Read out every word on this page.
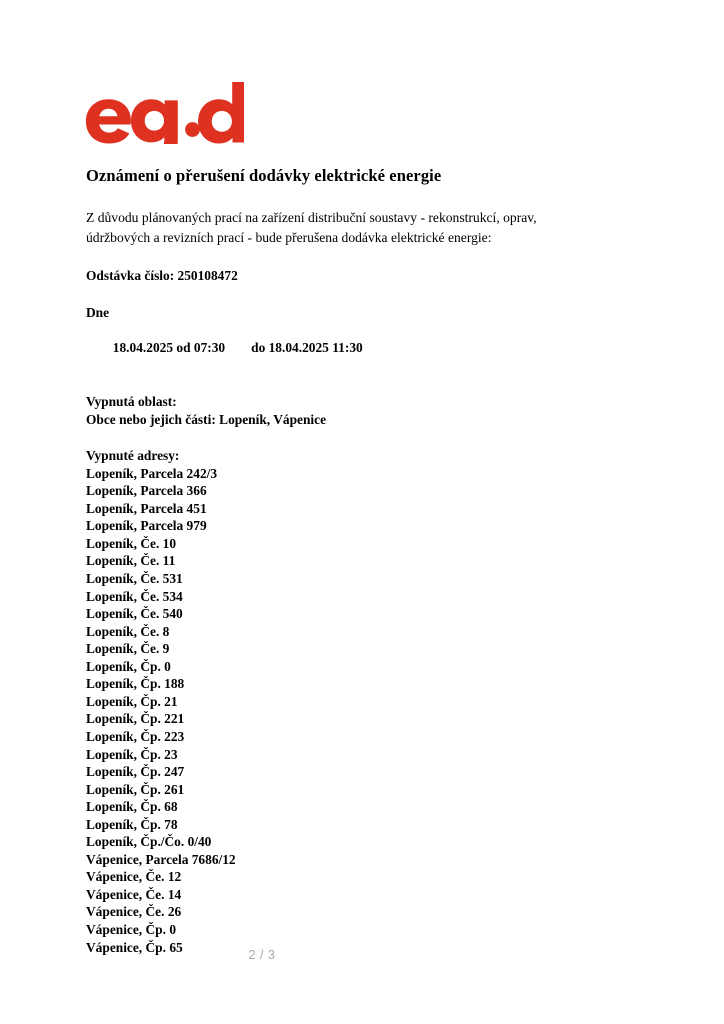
Oznámení o přerušení dodávky elektrické energie

Z důvodu plánovaných prací na zařízení distribuční soustavy - rekonstrukcí, oprav, údržbových a revizních prací - bude přerušena dodávka elektrické energie:

Odstávka číslo: 250108472
Dne

18.04.2025 od 07:30 do 18.04.2025 11:30

Vypnutá oblast:
Obce nebo jejich části: Lopeník, Vápenice
Vypnuté adresy:
Lopeník, Parcela 242/3
Lopeník, Parcela 366
Lopeník, Parcela 451
Lopeník, Parcela 979
Lopeník, Če. 10
Lopeník, Če. 11
Lopeník, Če. 531
Lopeník, Če. 534
Lopeník, Če. 540
Lopeník, Če. 8
Lopeník, Če. 9
Lopeník, Čp. 0
Lopeník, Čp. 188
Lopeník, Čp. 21
Lopeník, Čp. 221
Lopeník, Čp. 223
Lopeník, Čp. 23
Lopeník, Čp. 247
Lopeník, Čp. 261
Lopeník, Čp. 68
Lopeník, Čp. 78
Lopeník, Čp./Čo. 0/40
Vápenice, Parcela 7686/12
Vápenice, Če. 12
Vápenice, Če. 14
Vápenice, Če. 26
Vápenice, Čp. 0
Vápenice, Čp. 65
2 / 3
